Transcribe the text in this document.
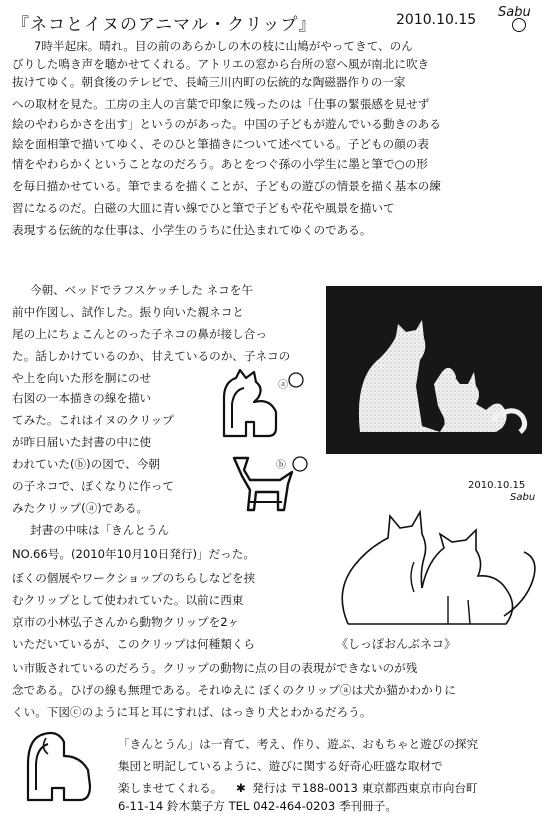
『ネコとイヌのアニマル・クリップ』	2010.10.15 Sabu
7時半起床。晴れ。目の前のあらかしの木の枝に山鳩がやってきて、のん
びりした鳴き声を聴かせてくれる。アトリエの窓から台所の窓へ風が南北に吹き
抜けてゆく。朝食後のテレビで、長崎三川内町の伝統的な陶磁器作りの一家
への取材を見た。工房の主人の言葉で印象に残ったのは「仕事の緊張感を見せず
絵のやわらかさを出す」というのがあった。中国の子どもが遊んでいる動きのある
絵を面相筆で描いてゆく、そのひと筆描きについて述べている。子どもの顔の表
情をやわらかくということなのだろう。あとをつぐ孫の小学生に墨と筆で○の形
を毎日描かせている。筆でまるを描くことが、子どもの遊びの情景を描く基本の練
習になるのだ。白磁の大皿に青い線でひと筆で子どもや花や風景を描いて
表現する伝統的な仕事は、小学生のうちに仕込まれてゆくのである。
今朝、ベッドでラフスケッチした ネコを午
前中作図し、試作した。振り向いた親ネコと
尾の上にちょこんとのった子ネコの鼻が接し合っ
た。話しかけているのか、甘えているのか、子ネコの
や上を向いた形を胴にのせ
右図の一本描きの線を描い
てみた。これはイヌのクリップ
が昨日届いた封書の中に使
われていた(ⓑ)の図で、今朝
の子ネコで、ぼくなりに作って
みたクリップ(ⓐ)である。
封書の中味は「きんとうん
NO.66号。(2010年10月10日発行)」だった。
ぼくの個展やワークショップのちらしなどを挟
むクリップとして使われていた。以前に西東
京市の小林弘子さんから動物クリップを2ヶ
いただいているが、このクリップは何種類くら
い市販されているのだろう。クリップの動物に点の目の表現ができないのが残
念である。ひげの線も無理である。それゆえに ぼくのクリップⓐは犬か猫かわかりに
くい。下図ⓒのように耳と耳にすれば、はっきり犬とわかるだろう。
「きんとうん」は一育て、考え、作り、遊ぶ、おもちゃと遊びの探究
集団と明記しているように、遊びに関する好奇心旺盛な取材で
楽しませてくれる。 ✱ 発行は 〒188-0013 東京都西東京市向台町
6-11-14 鈴木葉子方 TEL 042-464-0203 季刊冊子。
ⓐ
ⓑ
2010.10.15
Sabu
《しっぽおんぶネコ》
